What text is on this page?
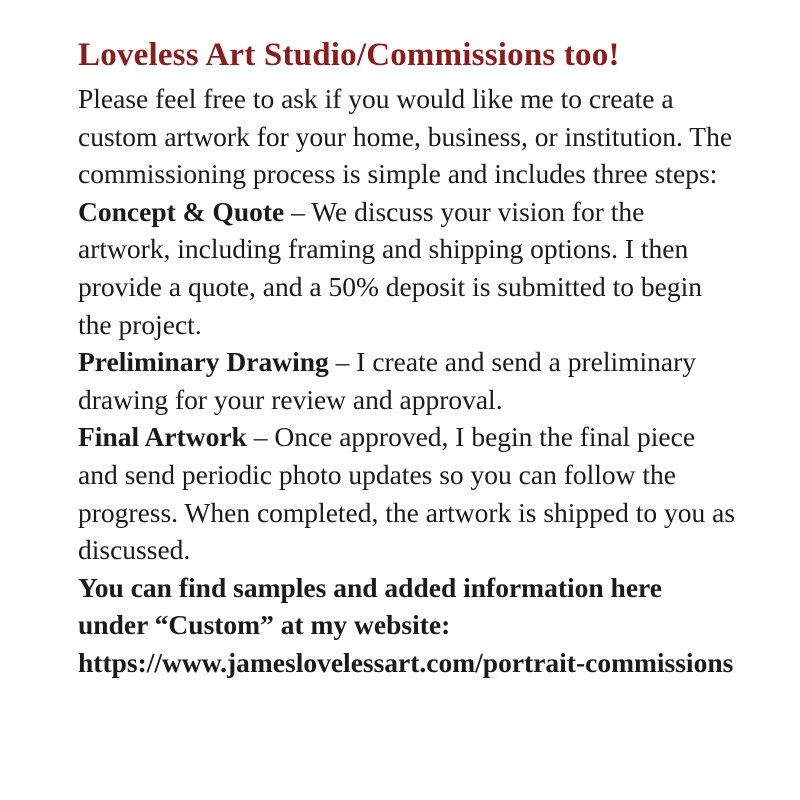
Loveless Art Studio/Commissions too!

Please feel free to ask if you would like me to create a custom artwork for your home, business, or institution. The commissioning process is simple and includes three steps:

Concept & Quote – We discuss your vision for the artwork, including framing and shipping options. I then provide a quote, and a 50% deposit is submitted to begin the project.

Preliminary Drawing – I create and send a preliminary drawing for your review and approval.

Final Artwork – Once approved, I begin the final piece and send periodic photo updates so you can follow the progress. When completed, the artwork is shipped to you as discussed.

You can find samples and added information here under “Custom” at my website:

https://www.jameslovelessart.com/portrait-commissions
